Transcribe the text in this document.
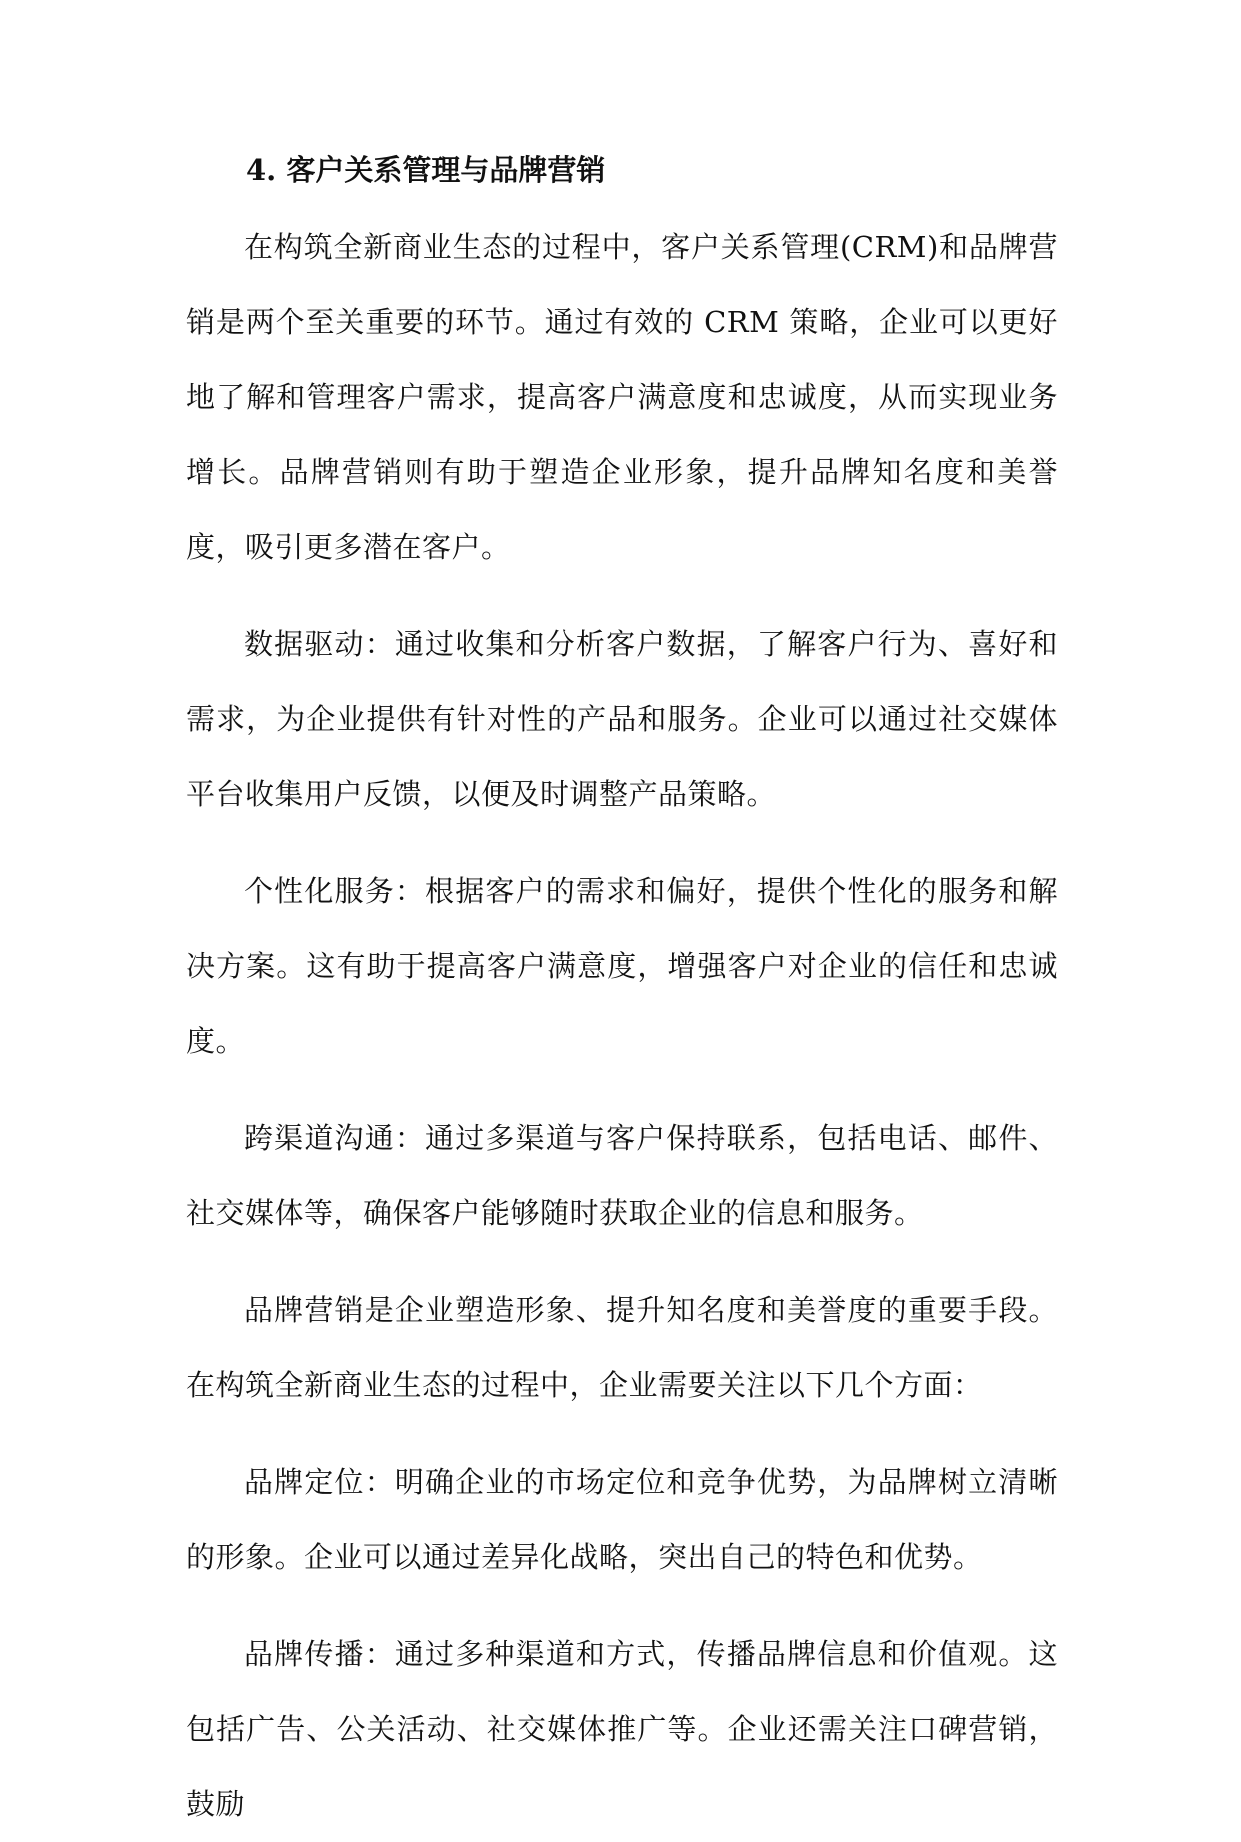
4. 客户关系管理与品牌营销

在构筑全新商业生态的过程中，客户关系管理(CRM)和品牌营销是两个至关重要的环节。通过有效的 CRM 策略，企业可以更好地了解和管理客户需求，提高客户满意度和忠诚度，从而实现业务增长。品牌营销则有助于塑造企业形象，提升品牌知名度和美誉度，吸引更多潜在客户。

数据驱动：通过收集和分析客户数据，了解客户行为、喜好和需求，为企业提供有针对性的产品和服务。企业可以通过社交媒体平台收集用户反馈，以便及时调整产品策略。

个性化服务：根据客户的需求和偏好，提供个性化的服务和解决方案。这有助于提高客户满意度，增强客户对企业的信任和忠诚度。

跨渠道沟通：通过多渠道与客户保持联系，包括电话、邮件、社交媒体等，确保客户能够随时获取企业的信息和服务。

品牌营销是企业塑造形象、提升知名度和美誉度的重要手段。在构筑全新商业生态的过程中，企业需要关注以下几个方面：

品牌定位：明确企业的市场定位和竞争优势，为品牌树立清晰的形象。企业可以通过差异化战略，突出自己的特色和优势。

品牌传播：通过多种渠道和方式，传播品牌信息和价值观。这包括广告、公关活动、社交媒体推广等。企业还需关注口碑营销，鼓励
